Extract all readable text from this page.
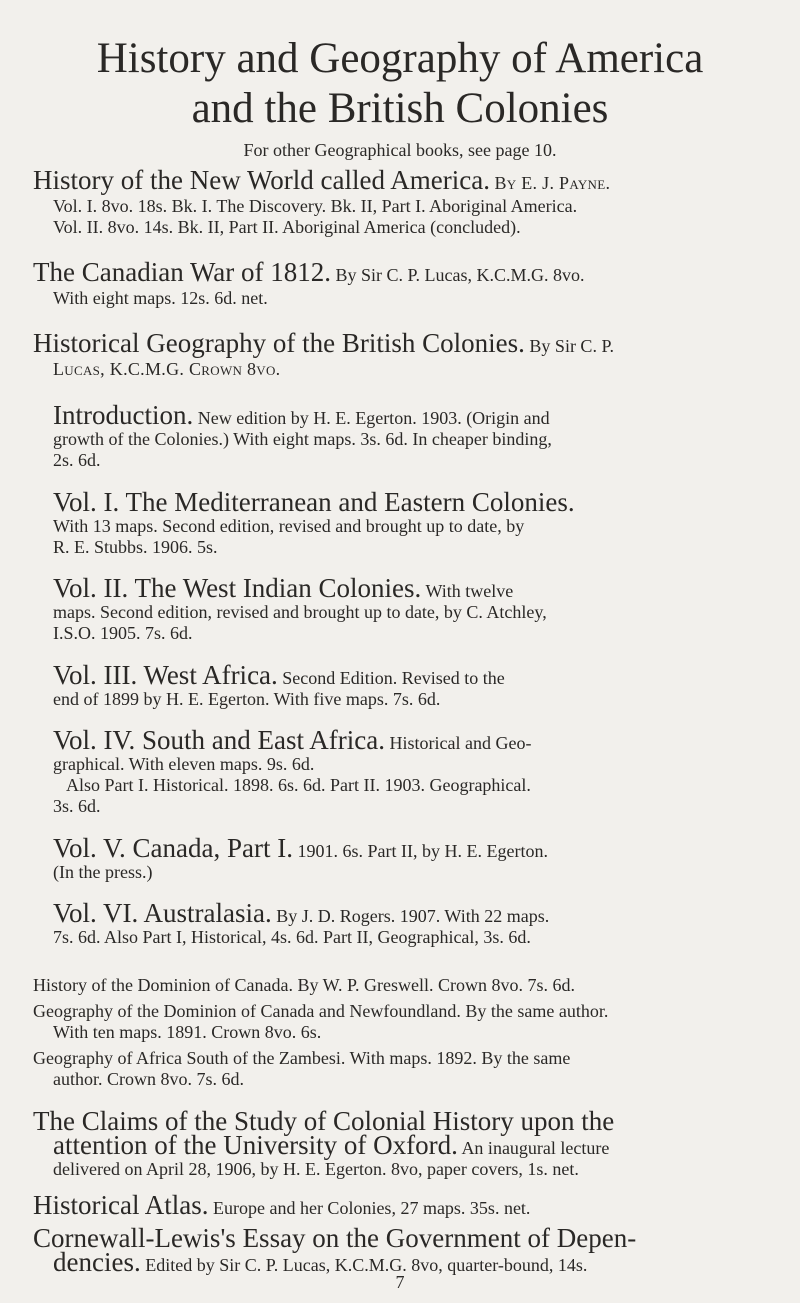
History and Geography of America
and the British Colonies
For other Geographical books, see page 10.
History of the New World called America. By E. J. Payne.
Vol. I. 8vo. 18s. Bk. I. The Discovery. Bk. II, Part I. Aboriginal America.
Vol. II. 8vo. 14s. Bk. II, Part II. Aboriginal America (concluded).
The Canadian War of 1812. By Sir C. P. Lucas, K.C.M.G. 8vo.
With eight maps. 12s. 6d. net.
Historical Geography of the British Colonies. By Sir C. P.
Lucas, K.C.M.G. Crown 8vo.
Introduction. New edition by H. E. Egerton. 1903. (Origin and
growth of the Colonies.) With eight maps. 3s. 6d. In cheaper binding,
2s. 6d.
Vol. I. The Mediterranean and Eastern Colonies.
With 13 maps. Second edition, revised and brought up to date, by
R. E. Stubbs. 1906. 5s.
Vol. II. The West Indian Colonies. With twelve
maps. Second edition, revised and brought up to date, by C. Atchley,
I.S.O. 1905. 7s. 6d.
Vol. III. West Africa. Second Edition. Revised to the
end of 1899 by H. E. Egerton. With five maps. 7s. 6d.
Vol. IV. South and East Africa. Historical and Geo-
graphical. With eleven maps. 9s. 6d.
Also Part I. Historical. 1898. 6s. 6d. Part II. 1903. Geographical.
3s. 6d.
Vol. V. Canada, Part I. 1901. 6s. Part II, by H. E. Egerton.
(In the press.)
Vol. VI. Australasia. By J. D. Rogers. 1907. With 22 maps.
7s. 6d. Also Part I, Historical, 4s. 6d. Part II, Geographical, 3s. 6d.
History of the Dominion of Canada. By W. P. Greswell. Crown 8vo. 7s. 6d.
Geography of the Dominion of Canada and Newfoundland. By the same author.
With ten maps. 1891. Crown 8vo. 6s.
Geography of Africa South of the Zambesi. With maps. 1892. By the same
author. Crown 8vo. 7s. 6d.
The Claims of the Study of Colonial History upon the
attention of the University of Oxford. An inaugural lecture
delivered on April 28, 1906, by H. E. Egerton. 8vo, paper covers, 1s. net.
Historical Atlas. Europe and her Colonies, 27 maps. 35s. net.
Cornewall-Lewis's Essay on the Government of Depen-
dencies. Edited by Sir C. P. Lucas, K.C.M.G. 8vo, quarter-bound, 14s.
7
